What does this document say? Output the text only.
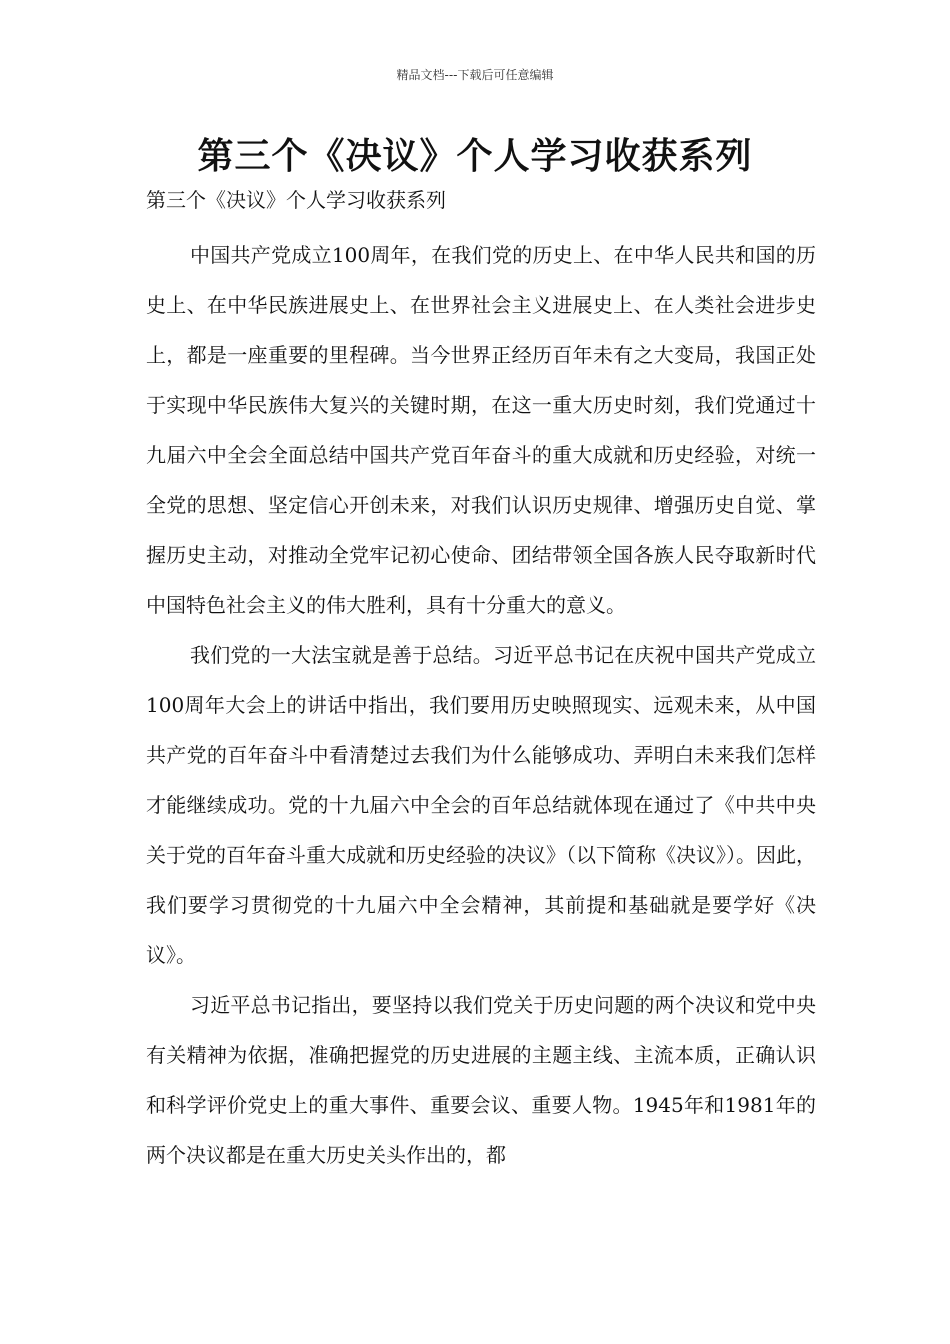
精品文档---下载后可任意编辑
第三个《决议》个人学习收获系列
第三个《决议》个人学习收获系列

中国共产党成立100周年，在我们党的历史上、在中华人民共和国的历史上、在中华民族进展史上、在世界社会主义进展史上、在人类社会进步史上，都是一座重要的里程碑。当今世界正经历百年未有之大变局，我国正处于实现中华民族伟大复兴的关键时期，在这一重大历史时刻，我们党通过十九届六中全会全面总结中国共产党百年奋斗的重大成就和历史经验，对统一全党的思想、坚定信心开创未来，对我们认识历史规律、增强历史自觉、掌握历史主动，对推动全党牢记初心使命、团结带领全国各族人民夺取新时代中国特色社会主义的伟大胜利，具有十分重大的意义。

我们党的一大法宝就是善于总结。习近平总书记在庆祝中国共产党成立100周年大会上的讲话中指出，我们要用历史映照现实、远观未来，从中国共产党的百年奋斗中看清楚过去我们为什么能够成功、弄明白未来我们怎样才能继续成功。党的十九届六中全会的百年总结就体现在通过了《中共中央关于党的百年奋斗重大成就和历史经验的决议》（以下简称《决议》）。因此，我们要学习贯彻党的十九届六中全会精神，其前提和基础就是要学好《决议》。

习近平总书记指出，要坚持以我们党关于历史问题的两个决议和党中央有关精神为依据，准确把握党的历史进展的主题主线、主流本质，正确认识和科学评价党史上的重大事件、重要会议、重要人物。1945年和1981年的两个决议都是在重大历史关头作出的，都
